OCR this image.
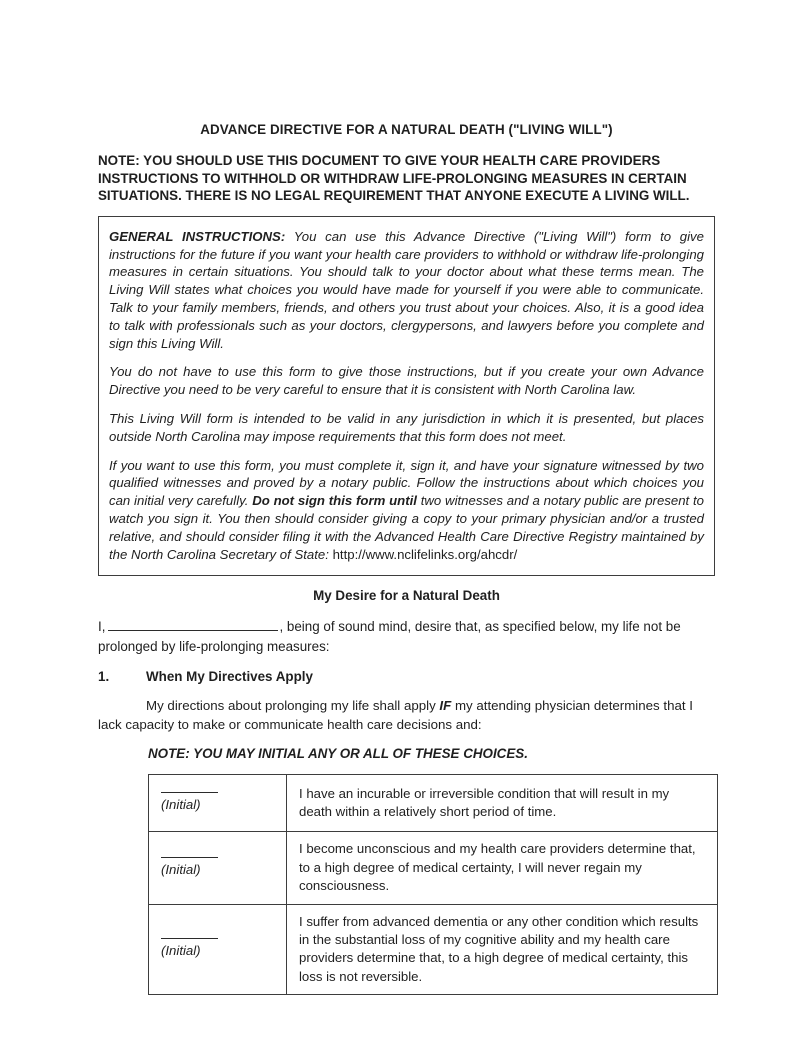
ADVANCE DIRECTIVE FOR A NATURAL DEATH ("LIVING WILL")

NOTE: YOU SHOULD USE THIS DOCUMENT TO GIVE YOUR HEALTH CARE PROVIDERS INSTRUCTIONS TO WITHHOLD OR WITHDRAW LIFE-PROLONGING MEASURES IN CERTAIN SITUATIONS. THERE IS NO LEGAL REQUIREMENT THAT ANYONE EXECUTE A LIVING WILL.

GENERAL INSTRUCTIONS: You can use this Advance Directive ("Living Will") form to give instructions for the future if you want your health care providers to withhold or withdraw life-prolonging measures in certain situations. You should talk to your doctor about what these terms mean. The Living Will states what choices you would have made for yourself if you were able to communicate. Talk to your family members, friends, and others you trust about your choices. Also, it is a good idea to talk with professionals such as your doctors, clergypersons, and lawyers before you complete and sign this Living Will.

You do not have to use this form to give those instructions, but if you create your own Advance Directive you need to be very careful to ensure that it is consistent with North Carolina law.

This Living Will form is intended to be valid in any jurisdiction in which it is presented, but places outside North Carolina may impose requirements that this form does not meet.

If you want to use this form, you must complete it, sign it, and have your signature witnessed by two qualified witnesses and proved by a notary public. Follow the instructions about which choices you can initial very carefully. Do not sign this form until two witnesses and a notary public are present to watch you sign it. You then should consider giving a copy to your primary physician and/or a trusted relative, and should consider filing it with the Advanced Health Care Directive Registry maintained by the North Carolina Secretary of State: http://www.nclifelinks.org/ahcdr/

My Desire for a Natural Death

I,	, being of sound mind, desire that, as specified below, my life not be prolonged by life-prolonging measures:

1.	When My Directives Apply

My directions about prolonging my life shall apply IF my attending physician determines that I lack capacity to make or communicate health care decisions and:

NOTE: YOU MAY INITIAL ANY OR ALL OF THESE CHOICES.

(Initial)	I have an incurable or irreversible condition that will result in my death within a relatively short period of time.

(Initial)	I become unconscious and my health care providers determine that, to a high degree of medical certainty, I will never regain my consciousness.

(Initial)	I suffer from advanced dementia or any other condition which results in the substantial loss of my cognitive ability and my health care providers determine that, to a high degree of medical certainty, this loss is not reversible.
